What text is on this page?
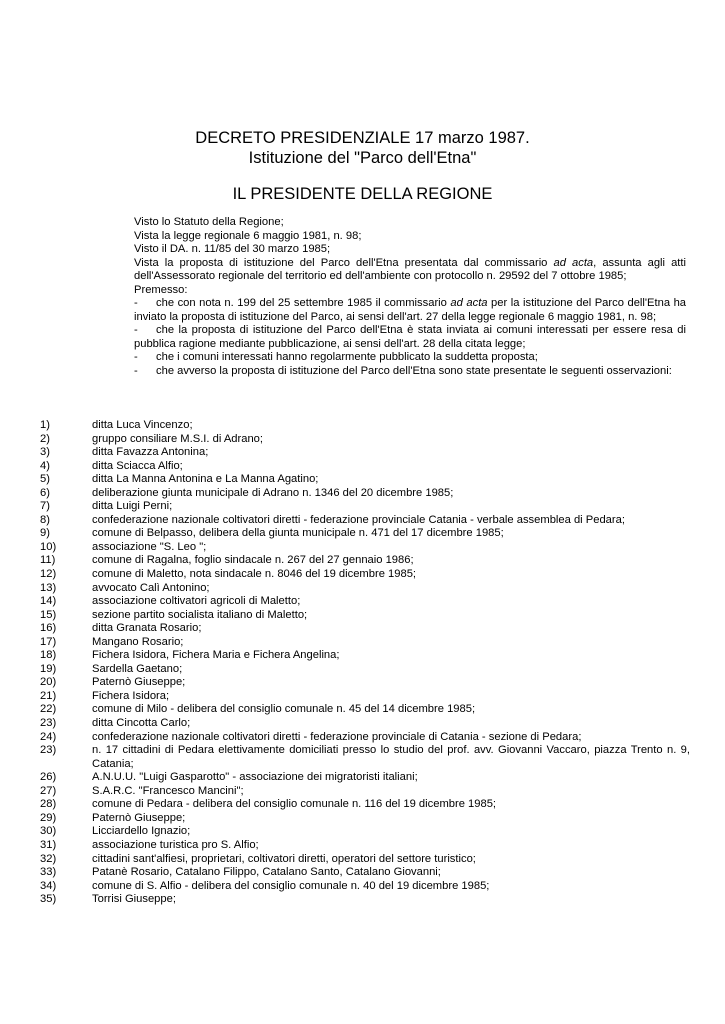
DECRETO PRESIDENZIALE 17 marzo 1987.
Istituzione del "Parco dell'Etna"
IL PRESIDENTE DELLA REGIONE
Visto lo Statuto della Regione;
Vista la legge regionale 6 maggio 1981, n. 98;
Visto il DA. n. 11/85 del 30 marzo 1985;
Vista la proposta di istituzione del Parco dell'Etna presentata dal commissario ad acta, assunta agli atti dell'Assessorato regionale del territorio ed dell'ambiente con protocollo n. 29592 del 7 ottobre 1985;
Premesso:
- che con nota n. 199 del 25 settembre 1985 il commissario ad acta per la istituzione del Parco dell'Etna ha inviato la proposta di istituzione del Parco, ai sensi dell'art. 27 della legge regionale 6 maggio 1981, n. 98;
- che la proposta di istituzione del Parco dell'Etna è stata inviata ai comuni interessati per essere resa di pubblica ragione mediante pubblicazione, ai sensi dell'art. 28 della citata legge;
- che i comuni interessati hanno regolarmente pubblicato la suddetta proposta;
- che avverso la proposta di istituzione del Parco dell'Etna sono state presentate le seguenti osservazioni:
1)	ditta Luca Vincenzo;
2)	gruppo consiliare M.S.I. di Adrano;
3)	ditta Favazza Antonina;
4)	ditta Sciacca Alfio;
5)	ditta La Manna Antonina e La Manna Agatino;
6)	deliberazione giunta municipale di Adrano n. 1346 del 20 dicembre 1985;
7)	ditta Luigi Perni;
8)	confederazione nazionale coltivatori diretti - federazione provinciale Catania - verbale assemblea di Pedara;
9)	comune di Belpasso, delibera della giunta municipale n. 471 del 17 dicembre 1985;
10)	associazione "S. Leo ";
11)	comune di Ragalna, foglio sindacale n. 267 del 27 gennaio 1986;
12)	comune di Maletto, nota sindacale n. 8046 del 19 dicembre 1985;
13)	avvocato Calì Antonino;
14)	associazione coltivatori agricoli di Maletto;
15)	sezione partito socialista italiano di Maletto;
16)	ditta Granata Rosario;
17)	Mangano Rosario;
18)	Fichera Isidora, Fichera Maria e Fichera Angelina;
19)	Sardella Gaetano;
20)	Paternò Giuseppe;
21)	Fichera Isidora;
22)	comune di Milo - delibera del consiglio comunale n. 45 del 14 dicembre 1985;
23)	ditta Cincotta Carlo;
24)	confederazione nazionale coltivatori diretti - federazione provinciale di Catania - sezione di Pedara;
23)	n. 17 cittadini di Pedara elettivamente domiciliati presso lo studio del prof. avv. Giovanni Vaccaro, piazza Trento n. 9, Catania;
26)	A.N.U.U. "Luigi Gasparotto" - associazione dei migratoristi italiani;
27)	S.A.R.C. "Francesco Mancini";
28)	comune di Pedara - delibera del consiglio comunale n. 116 del 19 dicembre 1985;
29)	Paternò Giuseppe;
30)	Licciardello Ignazio;
31)	associazione turistica pro S. Alfio;
32)	cittadini sant'alfiesi, proprietari, coltivatori diretti, operatori del settore turistico;
33)	Patanè Rosario, Catalano Filippo, Catalano Santo, Catalano Giovanni;
34)	comune di S. Alfio - delibera del consiglio comunale n. 40 del 19 dicembre 1985;
35)	Torrisi Giuseppe;
